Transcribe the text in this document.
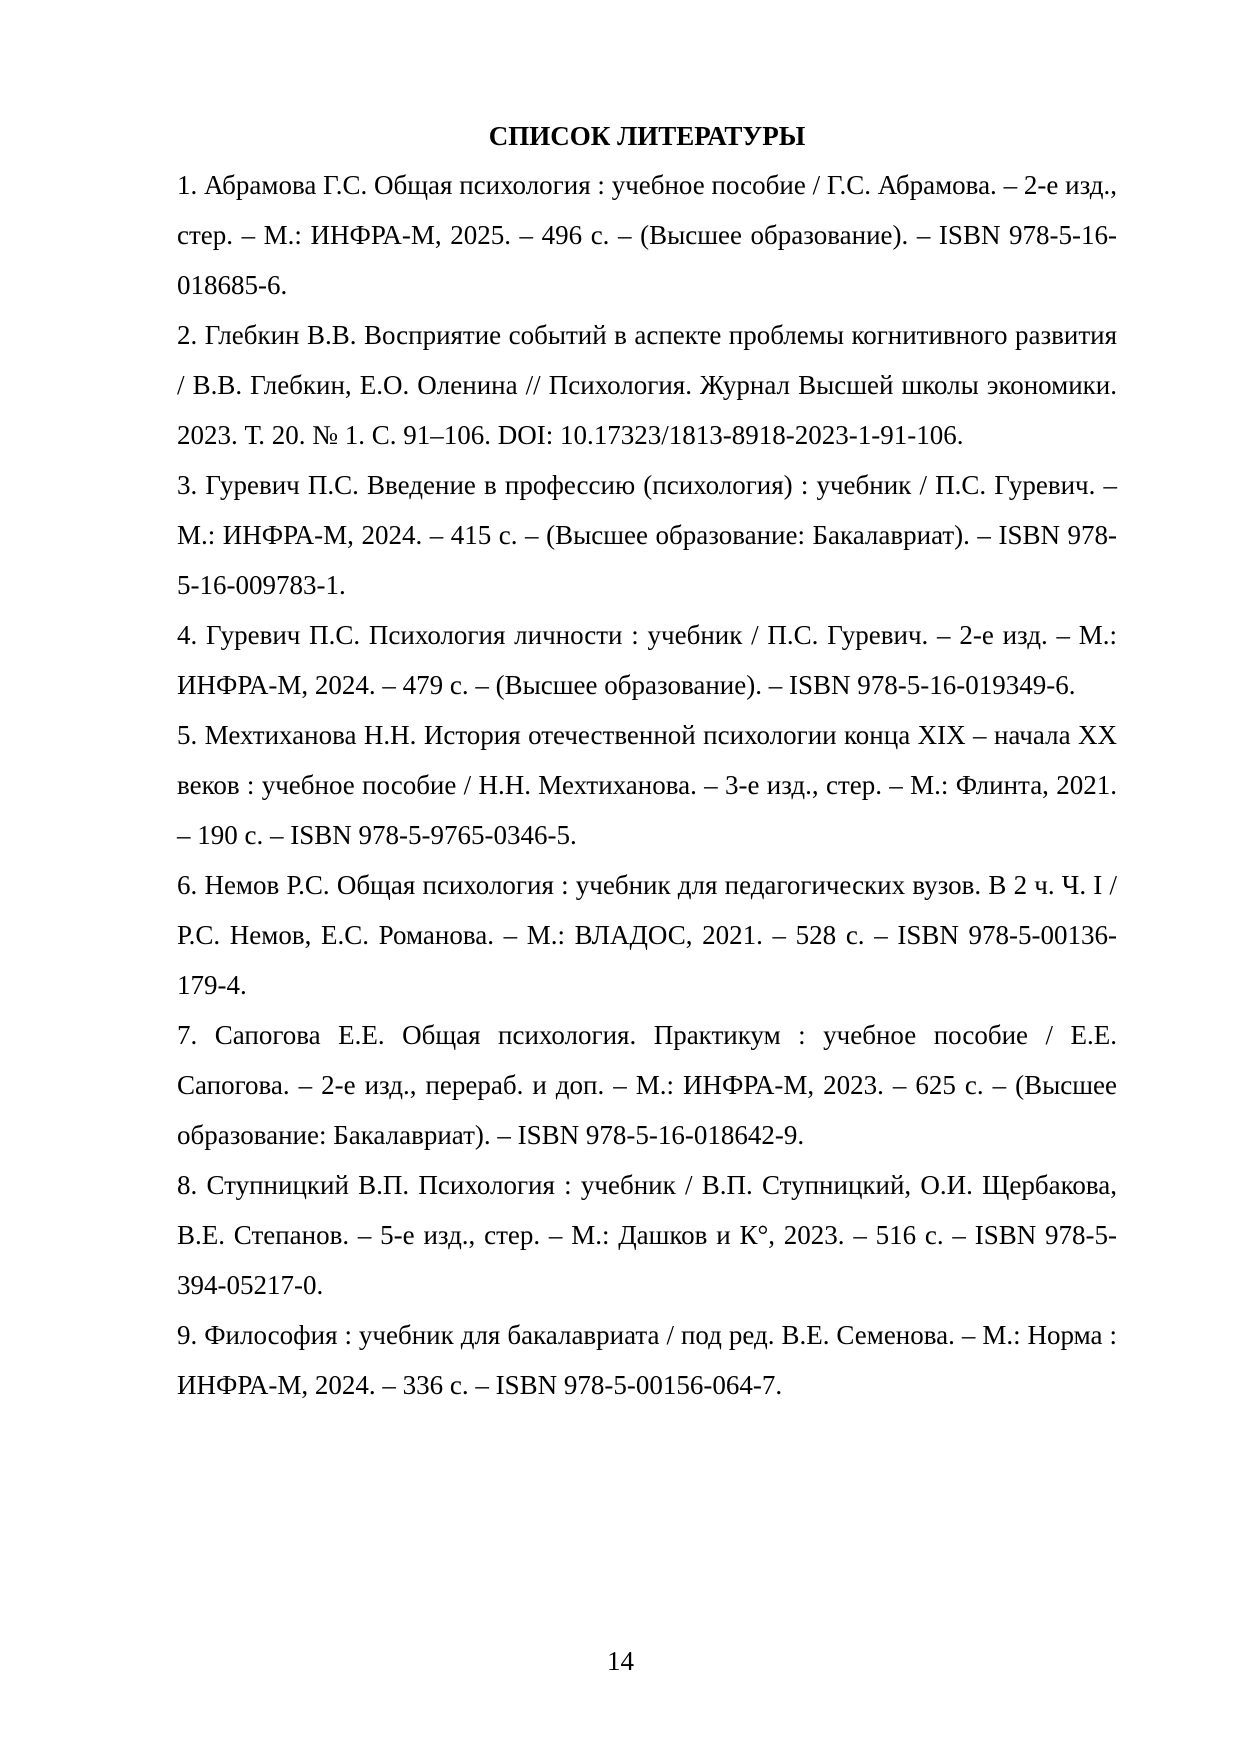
СПИСОК ЛИТЕРАТУРЫ
1. Абрамова Г.С. Общая психология : учебное пособие / Г.С. Абрамова. – 2-е изд., стер. – М.: ИНФРА-М, 2025. – 496 с. – (Высшее образование). – ISBN 978-5-16-018685-6.
2. Глебкин В.В. Восприятие событий в аспекте проблемы когнитивного развития / В.В. Глебкин, Е.О. Оленина // Психология. Журнал Высшей школы экономики. 2023. Т. 20. № 1. С. 91–106. DOI: 10.17323/1813-8918-2023-1-91-106.
3. Гуревич П.С. Введение в профессию (психология) : учебник / П.С. Гуревич. – М.: ИНФРА-М, 2024. – 415 с. – (Высшее образование: Бакалавриат). – ISBN 978-5-16-009783-1.
4. Гуревич П.С. Психология личности : учебник / П.С. Гуревич. – 2-е изд. – М.: ИНФРА-М, 2024. – 479 с. – (Высшее образование). – ISBN 978-5-16-019349-6.
5. Мехтиханова Н.Н. История отечественной психологии конца XIX – начала XX веков : учебное пособие / Н.Н. Мехтиханова. – 3-е изд., стер. – М.: Флинта, 2021. – 190 с. – ISBN 978-5-9765-0346-5.
6. Немов Р.С. Общая психология : учебник для педагогических вузов. В 2 ч. Ч. I / Р.С. Немов, Е.С. Романова. – М.: ВЛАДОС, 2021. – 528 с. – ISBN 978-5-00136-179-4.
7. Сапогова Е.Е. Общая психология. Практикум : учебное пособие / Е.Е. Сапогова. – 2-е изд., перераб. и доп. – М.: ИНФРА-М, 2023. – 625 с. – (Высшее образование: Бакалавриат). – ISBN 978-5-16-018642-9.
8. Ступницкий В.П. Психология : учебник / В.П. Ступницкий, О.И. Щербакова, В.Е. Степанов. – 5-е изд., стер. – М.: Дашков и К°, 2023. – 516 с. – ISBN 978-5-394-05217-0.
9. Философия : учебник для бакалавриата / под ред. В.Е. Семенова. – М.: Норма : ИНФРА-М, 2024. – 336 с. – ISBN 978-5-00156-064-7.
14
